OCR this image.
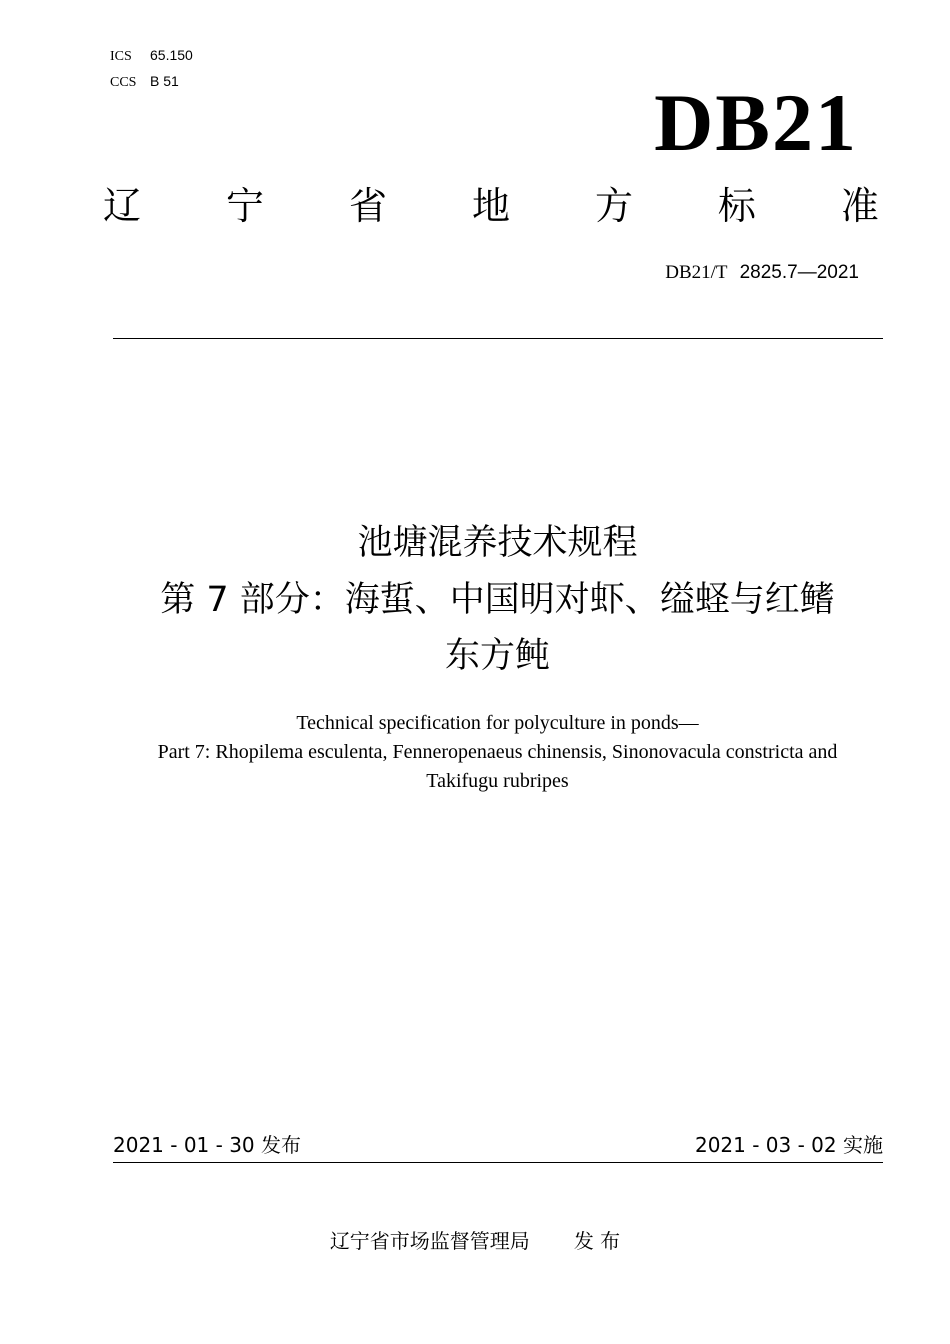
ICS 65.150
CCS B 51	DB21
辽 宁 省 地 方 标 准
DB21/T 2825.7—2021
池塘混养技术规程
第 7 部分：海蜇、中国明对虾、缢蛏与红鳍
东方鲀
Technical specification for polyculture in ponds—
Part 7: Rhopilema esculenta, Fenneropenaeus chinensis, Sinonovacula constricta and
Takifugu rubripes
2021 - 01 - 30 发布	2021 - 03 - 02 实施
辽宁省市场监督管理局 发 布
